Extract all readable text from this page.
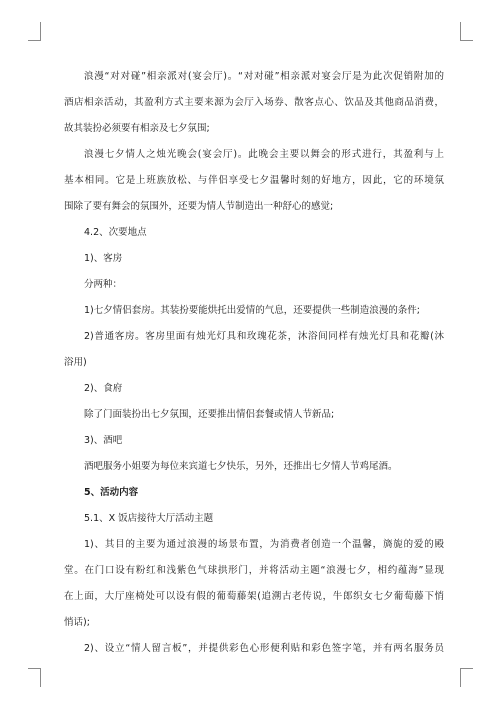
浪漫“对对碰”相亲派对(宴会厅)。“对对碰”相亲派对宴会厅是为此次促销附加的
酒店相亲活动，其盈利方式主要来源为会厅入场券、散客点心、饮品及其他商品消费，
故其装扮必须要有相亲及七夕氛围;
浪漫七夕情人之烛光晚会(宴会厅)。此晚会主要以舞会的形式进行，其盈利与上
基本相同。它是上班族放松、与伴侣享受七夕温馨时刻的好地方，因此，它的环境氛
围除了要有舞会的氛围外，还要为情人节制造出一种舒心的感觉;
4.2、次要地点
1)、客房
分两种：
1)七夕情侣套房。其装扮要能烘托出爱情的气息，还要提供一些制造浪漫的条件;
2)普通客房。客房里面有烛光灯具和玫瑰花茶，沐浴间同样有烛光灯具和花瓣(沐
浴用)
2)、食府
除了门面装扮出七夕氛围，还要推出情侣套餐或情人节新品;
3)、酒吧
酒吧服务小姐要为每位来宾道七夕快乐，另外，还推出七夕情人节鸡尾酒。
5、活动内容
5.1、X 饭店接待大厅活动主题
1)、其目的主要为通过浪漫的场景布置，为消费者创造一个温馨，旖旎的爱的殿
堂。在门口设有粉红和浅紫色气球拱形门，并将活动主题“浪漫七夕，相约蕴海”显现
在上面，大厅座椅处可以设有假的葡萄藤架(追溯古老传说，牛郎织女七夕葡萄藤下悄
悄话);
2)、设立“情人留言板”，并提供彩色心形便利贴和彩色签字笔，并有两名服务员
